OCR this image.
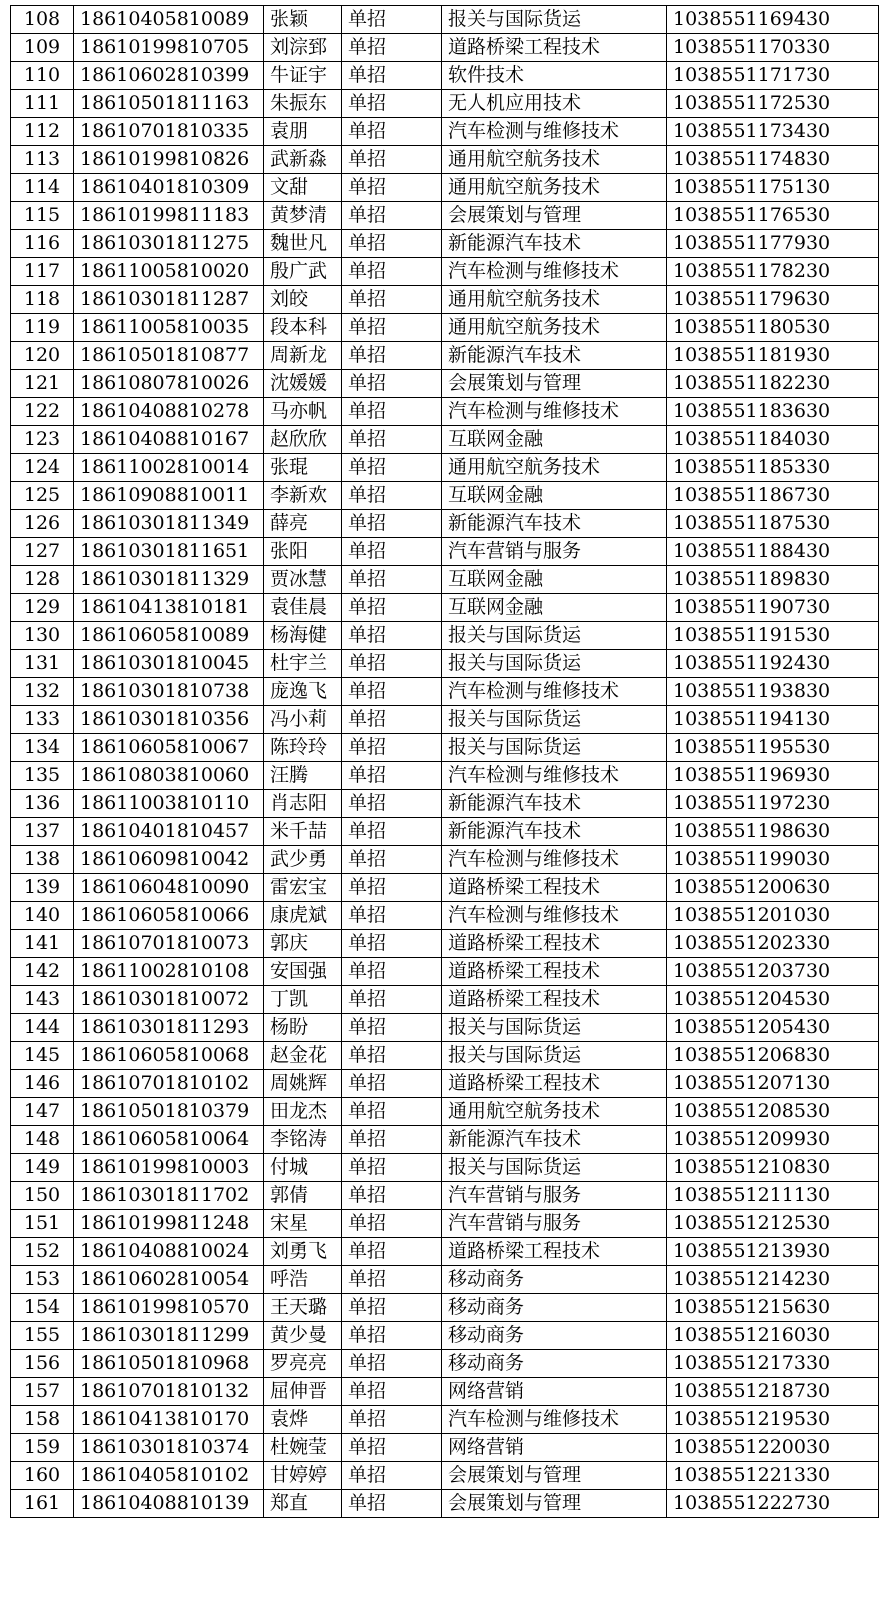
108	18610405810089	张颖	单招	报关与国际货运	1038551169430
109	18610199810705	刘淙郅	单招	道路桥梁工程技术	1038551170330
110	18610602810399	牛证宇	单招	软件技术	1038551171730
111	18610501811163	朱振东	单招	无人机应用技术	1038551172530
112	18610701810335	袁朋	单招	汽车检测与维修技术	1038551173430
113	18610199810826	武新淼	单招	通用航空航务技术	1038551174830
114	18610401810309	文甜	单招	通用航空航务技术	1038551175130
115	18610199811183	黄梦清	单招	会展策划与管理	1038551176530
116	18610301811275	魏世凡	单招	新能源汽车技术	1038551177930
117	18611005810020	殷广武	单招	汽车检测与维修技术	1038551178230
118	18610301811287	刘皎	单招	通用航空航务技术	1038551179630
119	18611005810035	段本科	单招	通用航空航务技术	1038551180530
120	18610501810877	周新龙	单招	新能源汽车技术	1038551181930
121	18610807810026	沈媛媛	单招	会展策划与管理	1038551182230
122	18610408810278	马亦帆	单招	汽车检测与维修技术	1038551183630
123	18610408810167	赵欣欣	单招	互联网金融	1038551184030
124	18611002810014	张琨	单招	通用航空航务技术	1038551185330
125	18610908810011	李新欢	单招	互联网金融	1038551186730
126	18610301811349	薛亮	单招	新能源汽车技术	1038551187530
127	18610301811651	张阳	单招	汽车营销与服务	1038551188430
128	18610301811329	贾冰慧	单招	互联网金融	1038551189830
129	18610413810181	袁佳晨	单招	互联网金融	1038551190730
130	18610605810089	杨海健	单招	报关与国际货运	1038551191530
131	18610301810045	杜宇兰	单招	报关与国际货运	1038551192430
132	18610301810738	庞逸飞	单招	汽车检测与维修技术	1038551193830
133	18610301810356	冯小莉	单招	报关与国际货运	1038551194130
134	18610605810067	陈玲玲	单招	报关与国际货运	1038551195530
135	18610803810060	汪腾	单招	汽车检测与维修技术	1038551196930
136	18611003810110	肖志阳	单招	新能源汽车技术	1038551197230
137	18610401810457	米千喆	单招	新能源汽车技术	1038551198630
138	18610609810042	武少勇	单招	汽车检测与维修技术	1038551199030
139	18610604810090	雷宏宝	单招	道路桥梁工程技术	1038551200630
140	18610605810066	康虎斌	单招	汽车检测与维修技术	1038551201030
141	18610701810073	郭庆	单招	道路桥梁工程技术	1038551202330
142	18611002810108	安国强	单招	道路桥梁工程技术	1038551203730
143	18610301810072	丁凯	单招	道路桥梁工程技术	1038551204530
144	18610301811293	杨盼	单招	报关与国际货运	1038551205430
145	18610605810068	赵金花	单招	报关与国际货运	1038551206830
146	18610701810102	周姚辉	单招	道路桥梁工程技术	1038551207130
147	18610501810379	田龙杰	单招	通用航空航务技术	1038551208530
148	18610605810064	李铭涛	单招	新能源汽车技术	1038551209930
149	18610199810003	付城	单招	报关与国际货运	1038551210830
150	18610301811702	郭倩	单招	汽车营销与服务	1038551211130
151	18610199811248	宋星	单招	汽车营销与服务	1038551212530
152	18610408810024	刘勇飞	单招	道路桥梁工程技术	1038551213930
153	18610602810054	呼浩	单招	移动商务	1038551214230
154	18610199810570	王天璐	单招	移动商务	1038551215630
155	18610301811299	黄少曼	单招	移动商务	1038551216030
156	18610501810968	罗亮亮	单招	移动商务	1038551217330
157	18610701810132	屈伸晋	单招	网络营销	1038551218730
158	18610413810170	袁烨	单招	汽车检测与维修技术	1038551219530
159	18610301810374	杜婉莹	单招	网络营销	1038551220030
160	18610405810102	甘婷婷	单招	会展策划与管理	1038551221330
161	18610408810139	郑直	单招	会展策划与管理	1038551222730
